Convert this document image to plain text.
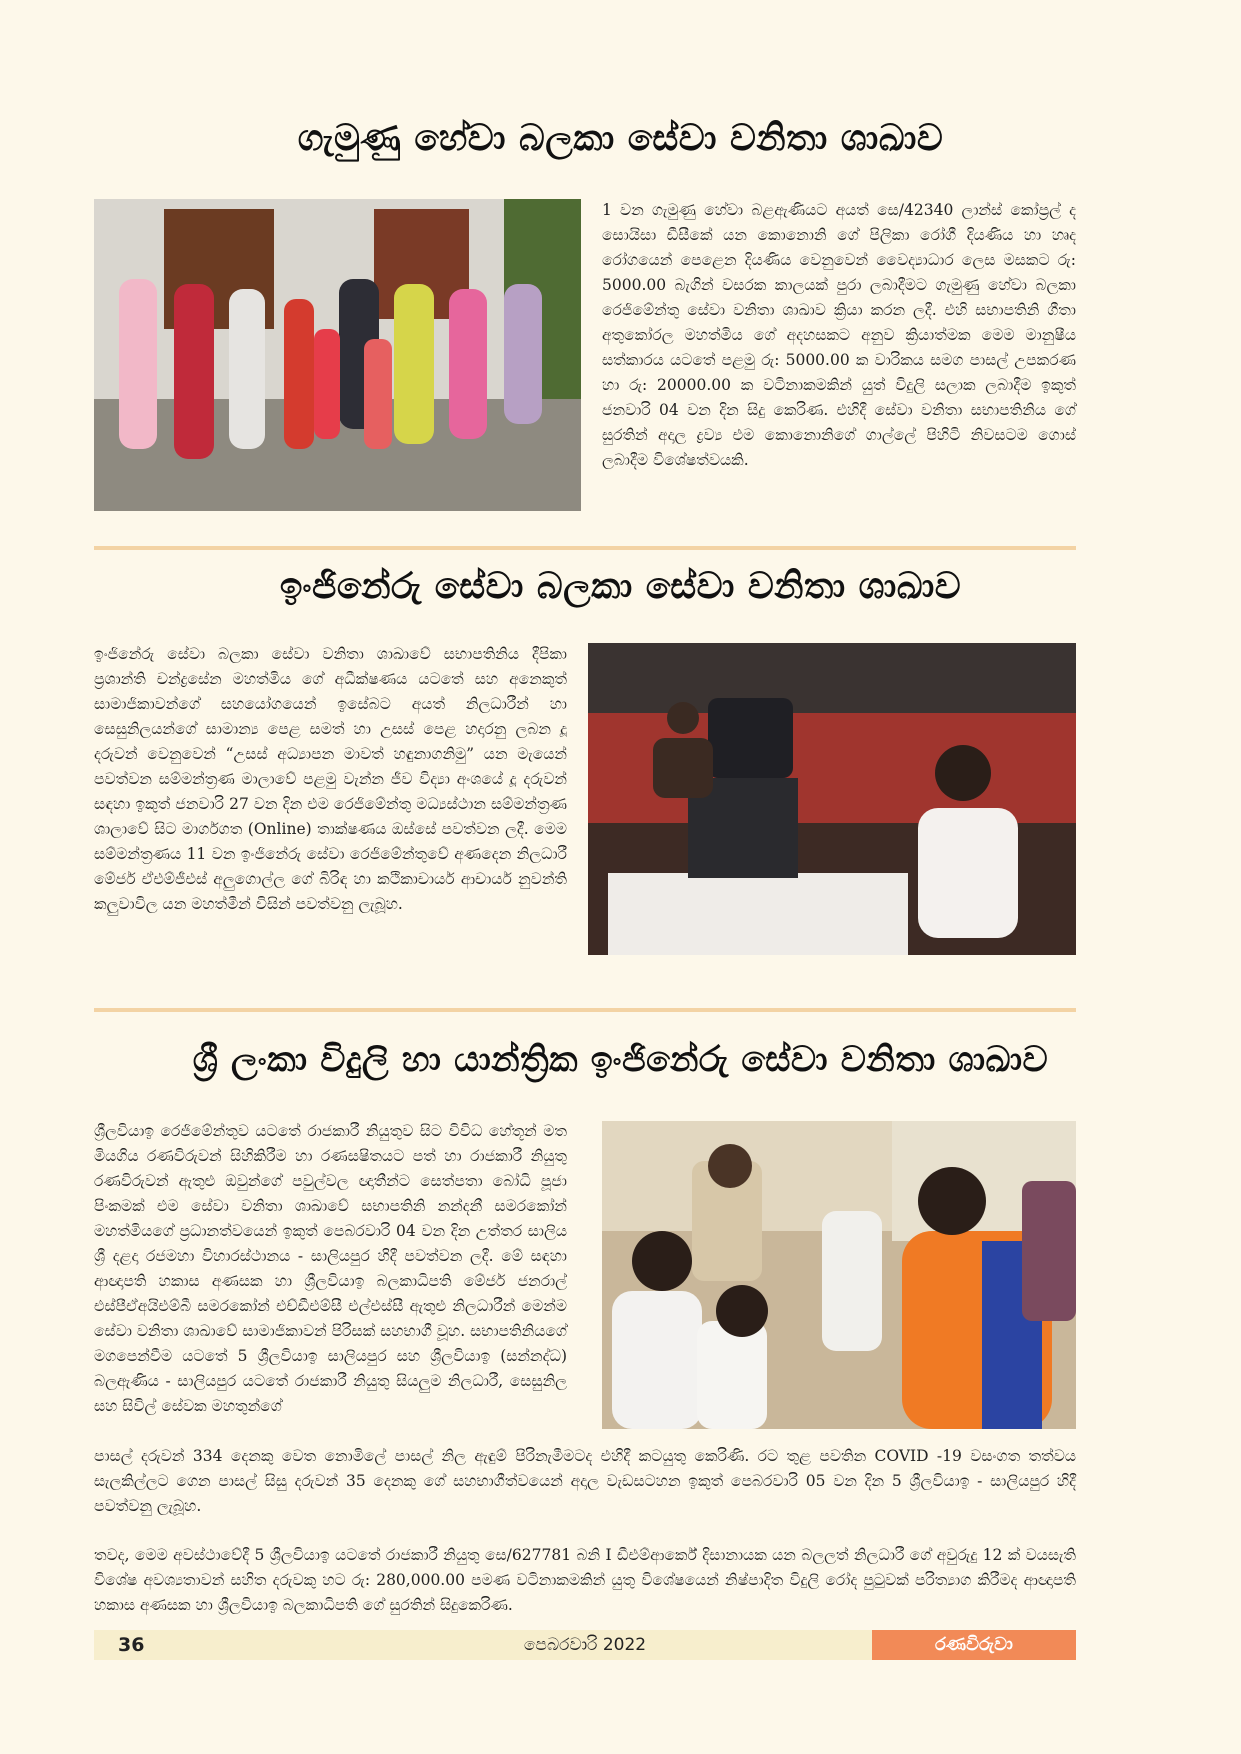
ගැමුණු හේවා බලකා සේවා වනිතා ශාඛාව

1 වන ගැමුණු හේවා බළඇණියට අයත් සෙ/42340 ලාන්ස් කෝප්‍රල් ද සොයිසා ඩීසීකේ යන කොනොනි ගේ පිලිකා රෝගී දියණිය හා හෘද රෝගයෙන් පෙළෙන දියණිය වෙනුවෙන් වෛද්‍යාධාර ලෙස මසකට රු: 5000.00 බැගින් වසරක කාලයක් පුරා ලබාදීමට ගැමුණු හේවා බලකා රෙජිමේන්තු සේවා වනිතා ශාඛාව ක්‍රියා කරන ලදී. එහි සභාපතිනි ගීතා අතුකෝරල මහත්මිය ගේ අදහසකට අනුව ක්‍රියාත්මක මෙම මානුෂීය සත්කාරය යටතේ පළමු රු: 5000.00 ක වාරිකය සමග පාසල් උපකරණ හා රු: 20000.00 ක වටිනාකමකින් යුත් විදුලි සලාක ලබාදීම ඉකුත් ජනවාරි 04 වන දින සිදු කෙරිණ. එහිදී සේවා වනිතා සභාපතිනිය ගේ සුරතින් අදාල ද්‍රව්‍ය එම කොනොනිගේ ගාල්ලේ පිහිටි නිවසටම ගොස් ලබාදීම විශේෂත්වයකි.

ඉංජිනේරු සේවා බලකා සේවා වනිතා ශාඛාව

ඉංජිනේරු සේවා බලකා සේවා වනිතා ශාඛාවේ සභාපතිනිය දීපිකා ප්‍රශාන්ති චන්ද්‍රසේන මහත්මිය ගේ අධීක්ෂණය යටතේ සහ අනෙකුත් සාමාජිකාවන්ගේ සහයෝගයෙන් ඉසේබට අයත් නිලධාරීන් හා සෙසුනිලයන්ගේ සාමාන්‍ය පෙළ සමත් හා උසස් පෙළ හදාරනු ලබන දූ දරුවන් වෙනුවෙන් “උසස් අධ්‍යාපන මාවත් හඳුනාගනිමු” යන මැයෙන් පවත්වන සම්මන්ත්‍රණ මාලාවේ පළමු වැන්න ජීව විද්‍යා අංශයේ දූ දරුවන් සඳහා ඉකුත් ජනවාරි 27 වන දින එම රෙජිමේන්තු මධ්‍යස්ථාන සම්මන්ත්‍රණ ශාලාවේ සිට මාර්ගගත (Online) තාක්ෂණය ඔස්සේ පවත්වන ලදී. මෙම සම්මන්ත්‍රණය 11 වන ඉංජිනේරු සේවා රෙජිමේන්තුවේ අණදෙන නිලධාරී මේජර් ඒඑම්ජීඑස් අලුගොල්ල ගේ බිරිඳ හා කථිකාචාර්ය ආචාර්ය නුවන්ති කලුවාවිල යන මහත්මීන් විසින් පවත්වනු ලැබූහ.

ශ්‍රී ලංකා විදුලි හා යාන්ත්‍රික ඉංජිනේරු සේවා වනිතා ශාඛාව

ශ්‍රීලවියාඉ රෙජිමේන්තුව යටතේ රාජකාරී නියුතුව සිට විවිධ හේතූන් මත මියගිය රණවිරුවන් සිහිකිරීම හා රණසෂිතයට පත් හා රාජකාරී නියුතු රණවිරුවන් ඇතුළු ඔවුන්ගේ පවුල්වල ඥාතීන්ට සෙත්පතා බෝධි පූජා පිංකමක් එම සේවා වනිතා ශාඛාවේ සභාපතිනි නන්දනී සමරකෝන් මහත්මියගේ ප්‍රධානත්වයෙන් ඉකුත් පෙබරවාරි 04 වන දින උත්තර සාලිය ශ්‍රී දළදා රජමහා විහාරස්ථානය - සාලියපුර හිදී පවත්වන ලදී. මේ සඳහා ආඥාපති හකාස අණසක හා ශ්‍රීලවියාඉ බලකාධිපති මේජර් ජනරාල් එස්පීඒඅයිඑම්බී සමරකෝන් එච්ඩීඑම්සී එල්එස්සී ඇතුළු නිලධාරීන් මෙන්ම සේවා වනිතා ශාඛාවේ සාමාජිකාවන් පිරිසක් සහභාගී වූහ. සභාපතිනියගේ මගපෙන්වීම යටතේ 5 ශ්‍රීලවියාඉ සාලියපුර සහ ශ්‍රීලවියාඉ (සන්නද්ධ) බලඇණිය - සාලියපුර යටතේ රාජකාරී නියුතු සියලුම නිලධාරී, සෙසුනිල සහ සිවිල් සේවක මහතුන්ගේ

පාසල් දරුවන් 334 දෙනකු වෙත නොමිලේ පාසල් නිල ඇඳුම් පිරිනැමීමටද එහිදී කටයුතු කෙරිණි. රට තුළ පවතින COVID -19 වසංගත තත්වය සැලකිල්ලට ගෙන පාසල් සිසු දරුවන් 35 දෙනකු ගේ සහභාගීත්වයෙන් අදාල වැඩසටහන ඉකුත් පෙබරවාරි 05 වන දින 5 ශ්‍රීලවියාඉ - සාලියපුර හිදී පවත්වනු ලැබූහ.

තවද, මෙම අවස්ථාවේදී 5 ශ්‍රීලවියාඉ යටතේ රාජකාරී නියුතු සෙ/627781 බනි I ඩීඑම්ආර්කේ දිසානායක යන බලලත් නිලධාරී ගේ අවුරුදු 12 ක් වයසැති විශේෂ අවශ්‍යතාවන් සහිත දරුවකු හට රු: 280,000.00 පමණ වටිනාකමකින් යුතු විශේෂයෙන් නිෂ්පාදිත විදුලි රෝද පුටුවක් පරිත්‍යාග කිරීමද ආඥාපති හකාස අණසක හා ශ්‍රීලවියාඉ බලකාධිපති ගේ සුරතින් සිදුකෙරිණ.

36	පෙබරවාරි 2022	රණවිරුවා
